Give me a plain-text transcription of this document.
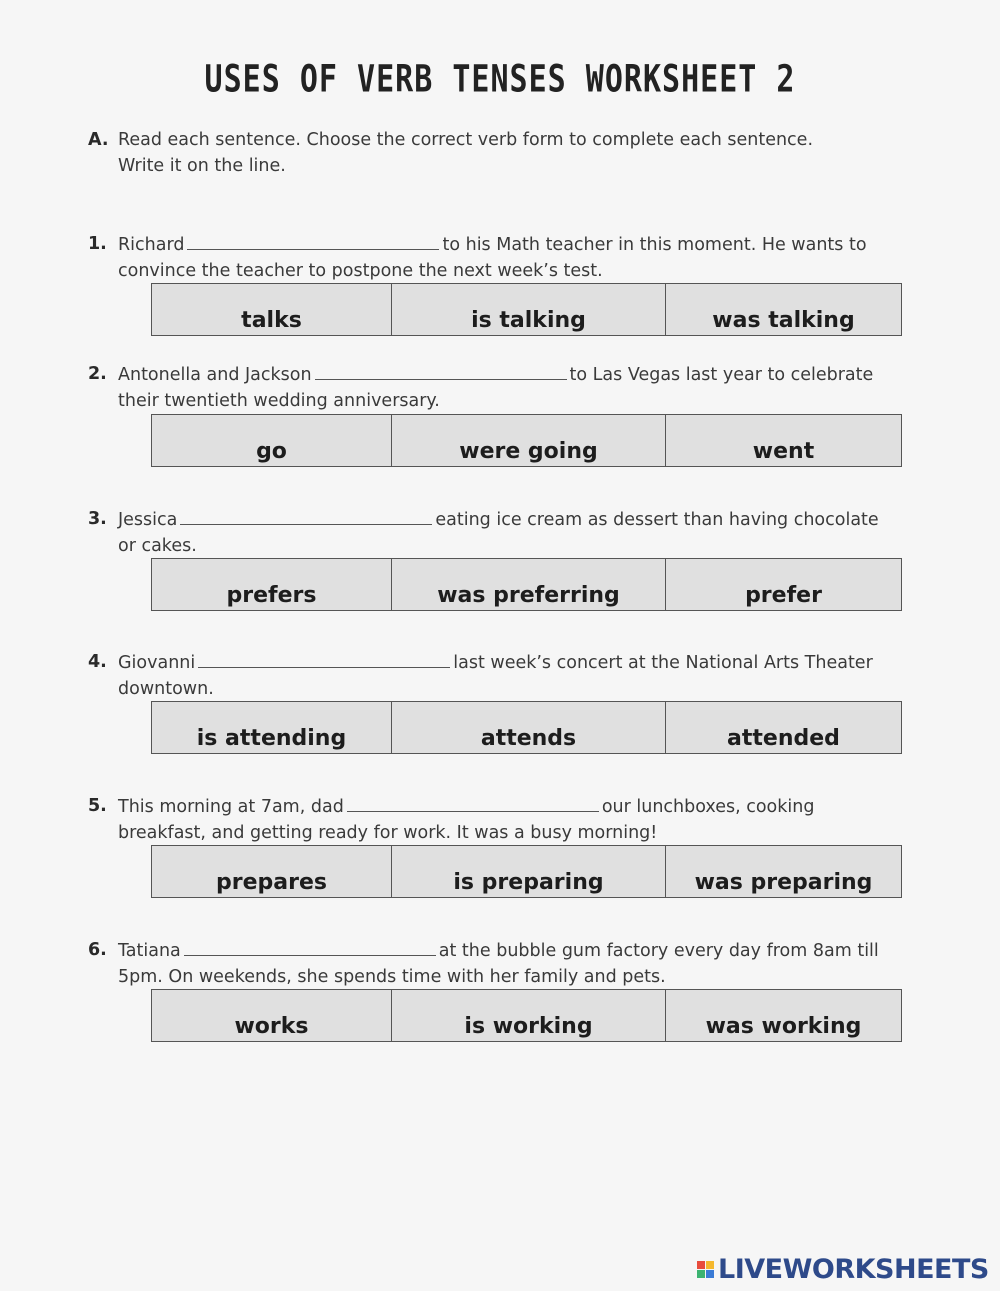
USES OF VERB TENSES WORKSHEET 2
A. Read each sentence. Choose the correct verb form to complete each sentence.
Write it on the line.
1. Richard	to his Math teacher in this moment. He wants to
convince the teacher to postpone the next week’s test.
talks	is talking	was talking
2. Antonella and Jackson	to Las Vegas last year to celebrate
their twentieth wedding anniversary.
go	were going	went
3. Jessica	eating ice cream as dessert than having chocolate
or cakes.
prefers	was preferring	prefer
4. Giovanni	last week’s concert at the National Arts Theater
downtown.
is attending	attends	attended
5. This morning at 7am, dad	our lunchboxes, cooking
breakfast, and getting ready for work. It was a busy morning!
prepares	is preparing	was preparing
6. Tatiana	at the bubble gum factory every day from 8am till
5pm. On weekends, she spends time with her family and pets.
works	is working	was working
LIVEWORKSHEETS
